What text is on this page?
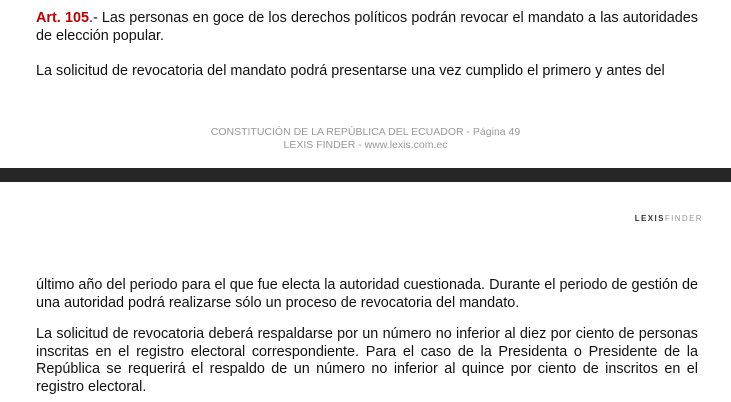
Art. 105.- Las personas en goce de los derechos políticos podrán revocar el mandato a las autoridades de elección popular.

La solicitud de revocatoria del mandato podrá presentarse una vez cumplido el primero y antes del

CONSTITUCIÓN DE LA REPÚBLICA DEL ECUADOR - Página 49
LEXIS FINDER - www.lexis.com.ec
LEXISFINDER

último año del periodo para el que fue electa la autoridad cuestionada. Durante el periodo de gestión de una autoridad podrá realizarse sólo un proceso de revocatoria del mandato.

La solicitud de revocatoria deberá respaldarse por un número no inferior al diez por ciento de personas inscritas en el registro electoral correspondiente. Para el caso de la Presidenta o Presidente de la República se requerirá el respaldo de un número no inferior al quince por ciento de inscritos en el registro electoral.
